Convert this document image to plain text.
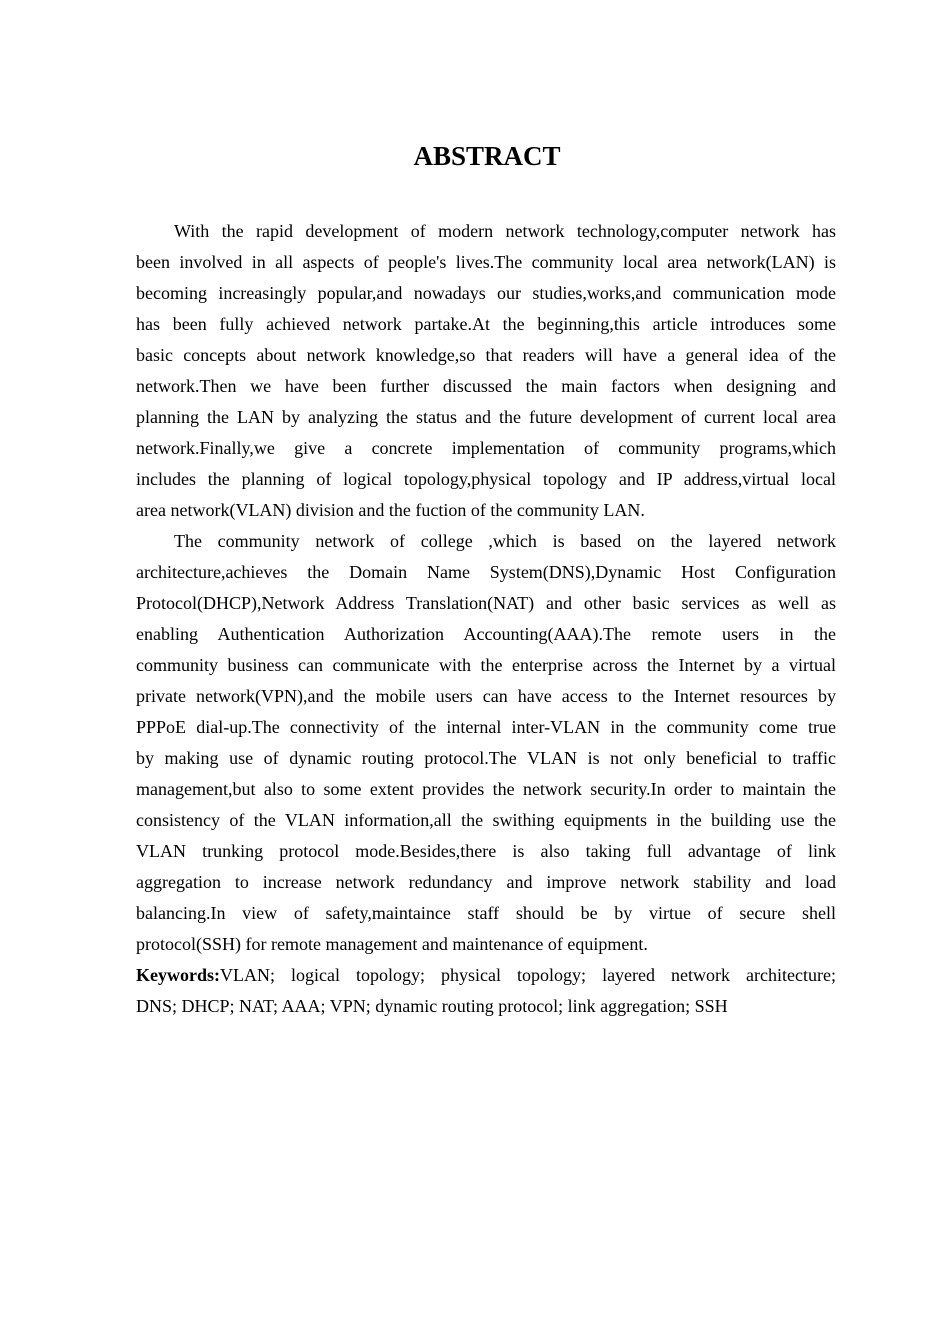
ABSTRACT
With the rapid development of modern network technology,computer network has
been involved in all aspects of people's lives.The community local area network(LAN) is
becoming increasingly popular,and nowadays our studies,works,and communication mode
has been fully achieved network partake.At the beginning,this article introduces some
basic concepts about network knowledge,so that readers will have a general idea of the
network.Then we have been further discussed the main factors when designing and
planning the LAN by analyzing the status and the future development of current local area
network.Finally,we give a concrete implementation of community programs,which
includes the planning of logical topology,physical topology and IP address,virtual local
area network(VLAN) division and the fuction of the community LAN.
The community network of college ,which is based on the layered network
architecture,achieves the Domain Name System(DNS),Dynamic Host Configuration
Protocol(DHCP),Network Address Translation(NAT) and other basic services as well as
enabling Authentication Authorization Accounting(AAA).The remote users in the
community business can communicate with the enterprise across the Internet by a virtual
private network(VPN),and the mobile users can have access to the Internet resources by
PPPoE dial-up.The connectivity of the internal inter-VLAN in the community come true
by making use of dynamic routing protocol.The VLAN is not only beneficial to traffic
management,but also to some extent provides the network security.In order to maintain the
consistency of the VLAN information,all the swithing equipments in the building use the
VLAN trunking protocol mode.Besides,there is also taking full advantage of link
aggregation to increase network redundancy and improve network stability and load
balancing.In view of safety,maintaince staff should be by virtue of secure shell
protocol(SSH) for remote management and maintenance of equipment.
Keywords:VLAN; logical topology; physical topology; layered network architecture;
DNS; DHCP; NAT; AAA; VPN; dynamic routing protocol; link aggregation; SSH
